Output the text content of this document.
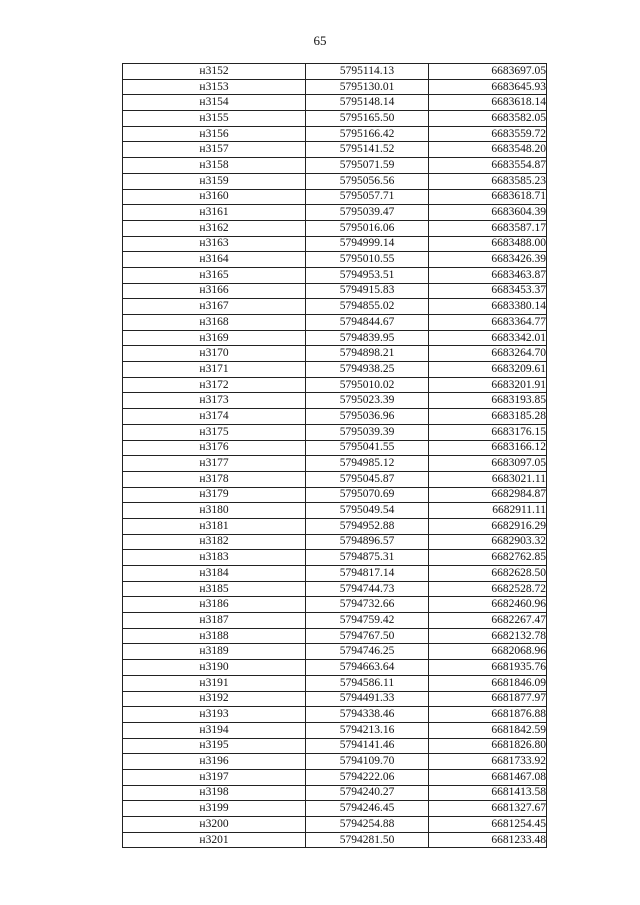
65
н3152	5795114.13	6683697.05
н3153	5795130.01	6683645.93
н3154	5795148.14	6683618.14
н3155	5795165.50	6683582.05
н3156	5795166.42	6683559.72
н3157	5795141.52	6683548.20
н3158	5795071.59	6683554.87
н3159	5795056.56	6683585.23
н3160	5795057.71	6683618.71
н3161	5795039.47	6683604.39
н3162	5795016.06	6683587.17
н3163	5794999.14	6683488.00
н3164	5795010.55	6683426.39
н3165	5794953.51	6683463.87
н3166	5794915.83	6683453.37
н3167	5794855.02	6683380.14
н3168	5794844.67	6683364.77
н3169	5794839.95	6683342.01
н3170	5794898.21	6683264.70
н3171	5794938.25	6683209.61
н3172	5795010.02	6683201.91
н3173	5795023.39	6683193.85
н3174	5795036.96	6683185.28
н3175	5795039.39	6683176.15
н3176	5795041.55	6683166.12
н3177	5794985.12	6683097.05
н3178	5795045.87	6683021.11
н3179	5795070.69	6682984.87
н3180	5795049.54	6682911.11
н3181	5794952.88	6682916.29
н3182	5794896.57	6682903.32
н3183	5794875.31	6682762.85
н3184	5794817.14	6682628.50
н3185	5794744.73	6682528.72
н3186	5794732.66	6682460.96
н3187	5794759.42	6682267.47
н3188	5794767.50	6682132.78
н3189	5794746.25	6682068.96
н3190	5794663.64	6681935.76
н3191	5794586.11	6681846.09
н3192	5794491.33	6681877.97
н3193	5794338.46	6681876.88
н3194	5794213.16	6681842.59
н3195	5794141.46	6681826.80
н3196	5794109.70	6681733.92
н3197	5794222.06	6681467.08
н3198	5794240.27	6681413.58
н3199	5794246.45	6681327.67
н3200	5794254.88	6681254.45
н3201	5794281.50	6681233.48
